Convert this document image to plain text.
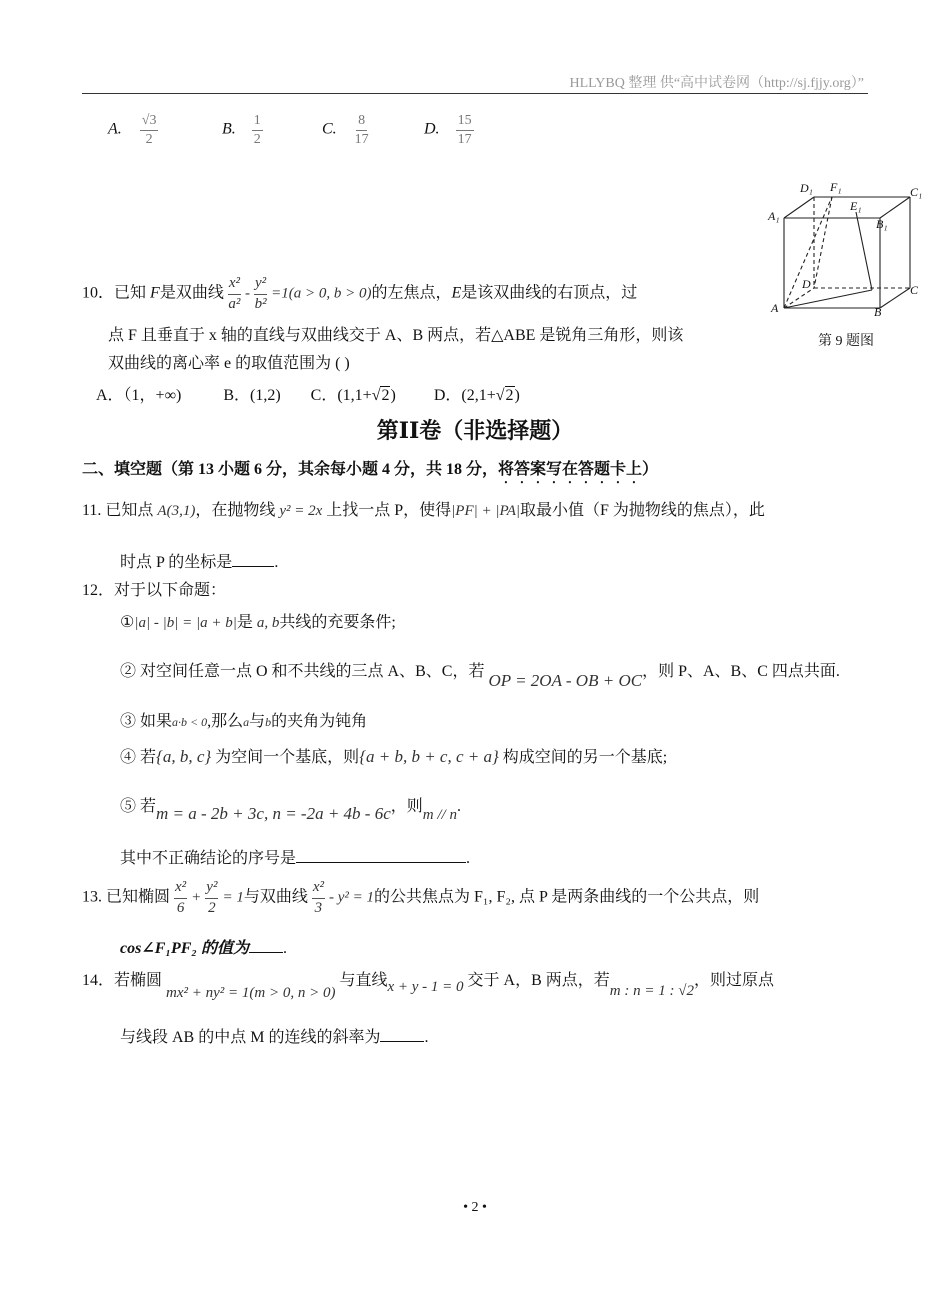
HLLYBQ 整理 供“高中试卷网（http://sj.fjjy.org）”
A. $\frac{√3}{2}$	B. $\frac{1}{2}$	C. $\frac{8}{17}$	D. $\frac{15}{17}$
D₁ F₁	C₁
A₁
E₁
B₁
D	C
A	B
第 9 题图
10．已知 F是双曲线 $\frac{\text{x²}}{\text{a²}} - \frac{\text{y²}}{\text{b²}} =1(a > 0$, b > 0)的左焦点，E是该双曲线的右顶点，过
点 F 且垂直于 x 轴的直线与双曲线交于 A、B 两点，若△ABE 是锐角三角形，则该
双曲线的离心率 e 的取值范围为 ( )
A．（1，+∞)	B．(1,2) C．(1,1+√2) D．(2,1+√2)
第II卷（非选择题）
二、填空题（第 13 小题 6 分，其余每小题 4 分，共 18 分，将答案写在答题卡上）
11. 已知点 A(3,1)，在抛物线 y² = 2x 上找一点 P，使得|PF| + |PA|取最小值（F 为抛物线的焦点），此
时点 P 的坐标是	.
12．对于以下命题：
①|a| - |b| = |a + b|是 a, b共线的充要条件;
② 对空间任意一点 O 和不共线的三点 A、B、C，若 OP = 2OA - OB + OC，则 P、A、B、C 四点共面.
③ 如果a·b < 0,那么a与b的夹角为钝角
④ 若{a, b, c} 为空间一个基底，则{a + b, b + c, c + a} 构成空间的另一个基底;
⑤ 若m = a - 2b + 3c, n = -2a + 4b - 6c，则m // n.
其中不正确结论的序号是	.
13. 已知椭圆 $\frac{\text{x²}}{6} + \frac{\text{y²}}{2} = 1$与双曲线 $\frac{\text{x²}}{3} - y^2 = 1$的公共焦点为 F₁, F₂, 点 P 是两条曲线的一个公共点，则
cos∠F₁PF₂ 的值为 .
14．若椭圆 mx² + ny² = 1(m > 0, n > 0) 与直线x + y - 1 = 0 交于 A，B 两点，若m : n = 1 : √2，则过原点
与线段 AB 的中点 M 的连线的斜率为	.
• 2 •
